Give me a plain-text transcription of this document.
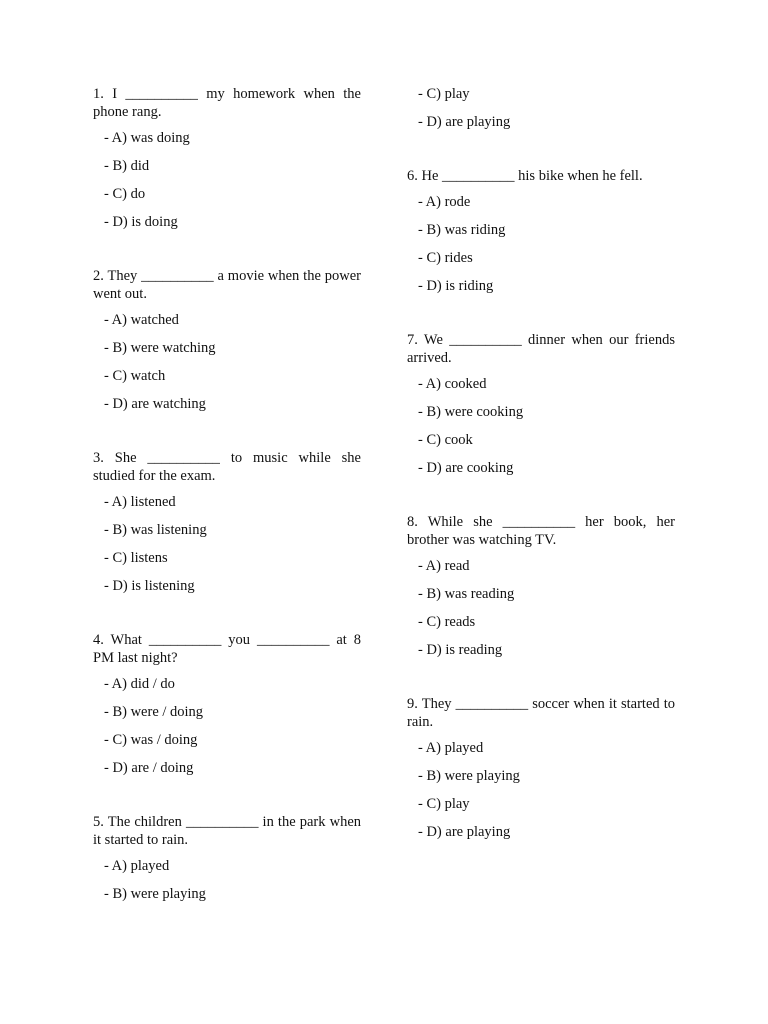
1. I __________ my homework when the phone rang.

- A) was doing
- B) did
- C) do
- D) is doing

2. They __________ a movie when the power went out.

- A) watched
- B) were watching
- C) watch
- D) are watching

3. She __________ to music while she studied for the exam.

- A) listened
- B) was listening
- C) listens
- D) is listening

4. What __________ you __________ at 8 PM last night?

- A) did / do
- B) were / doing
- C) was / doing
- D) are / doing

5. The children __________ in the park when it started to rain.

- A) played
- B) were playing
- C) play
- D) are playing

6. He __________ his bike when he fell.

- A) rode
- B) was riding
- C) rides
- D) is riding

7. We __________ dinner when our friends arrived.

- A) cooked
- B) were cooking
- C) cook
- D) are cooking

8. While she __________ her book, her brother was watching TV.

- A) read
- B) was reading
- C) reads
- D) is reading

9. They __________ soccer when it started to rain.

- A) played
- B) were playing
- C) play
- D) are playing
